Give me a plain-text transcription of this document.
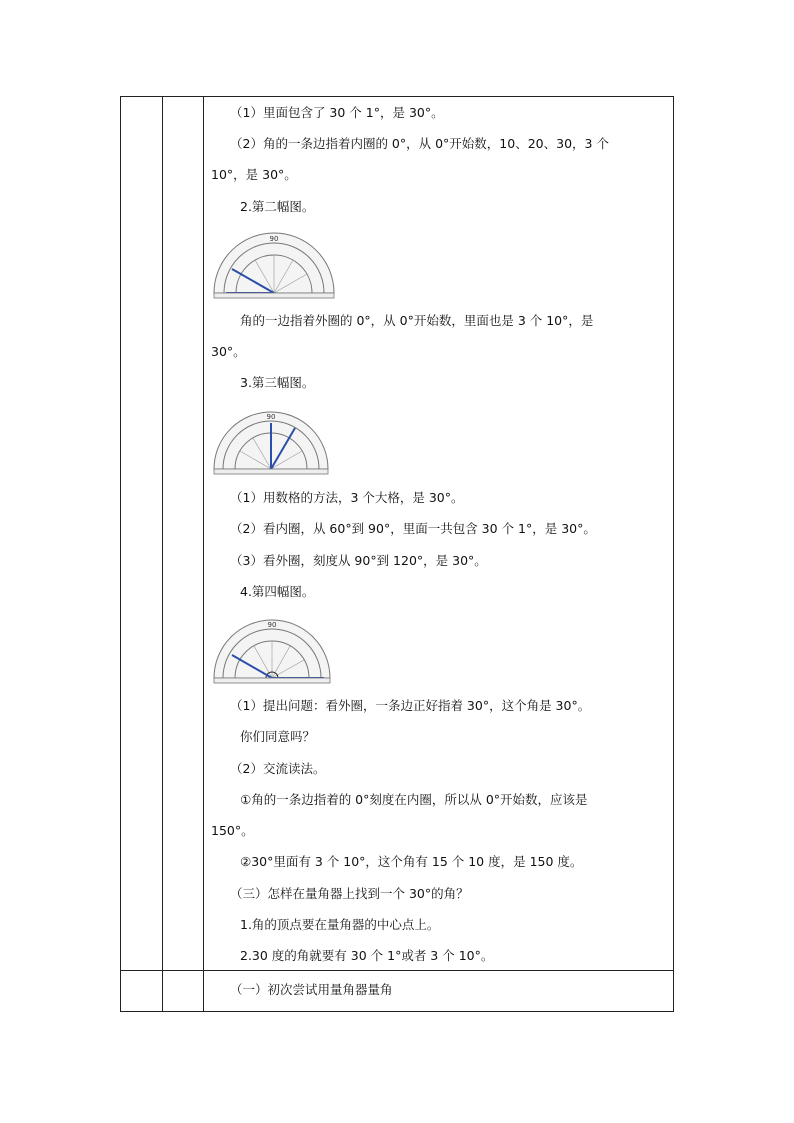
（1）里面包含了 30 个 1°，是 30°。
（2）角的一条边指着内圈的 0°，从 0°开始数，10、20、30，3 个
10°，是 30°。
2.第二幅图。
90
角的一边指着外圈的 0°，从 0°开始数，里面也是 3 个 10°，是
30°。
3.第三幅图。
90
（1）用数格的方法，3 个大格，是 30°。
（2）看内圈，从 60°到 90°，里面一共包含 30 个 1°，是 30°。
（3）看外圈，刻度从 90°到 120°，是 30°。
4.第四幅图。
90
（1）提出问题：看外圈，一条边正好指着 30°，这个角是 30°。
你们同意吗？
（2）交流读法。
①角的一条边指着的 0°刻度在内圈，所以从 0°开始数，应该是
150°。
②30°里面有 3 个 10°，这个角有 15 个 10 度，是 150 度。
（三）怎样在量角器上找到一个 30°的角？
1.角的顶点要在量角器的中心点上。
2.30 度的角就要有 30 个 1°或者 3 个 10°。
（一）初次尝试用量角器量角
